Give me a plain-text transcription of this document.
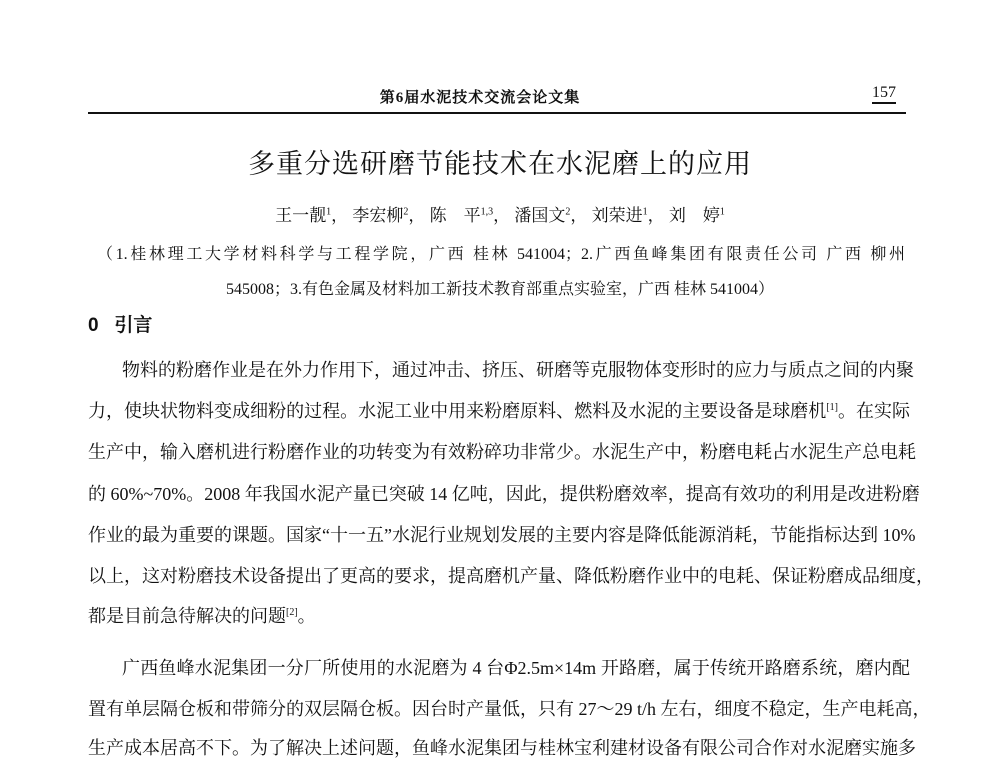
第6届水泥技术交流会论文集	157
多重分选研磨节能技术在水泥磨上的应用
王一靓$^1$， 李宏柳$^2$， 陈　平$^{1,3}$， 潘国文$^2$， 刘荣进$^1$， 刘　婷$^1$
（1.桂林理工大学材料科学与工程学院，广西 桂林 541004；2.广西鱼峰集团有限责任公司 广西 柳州
545008；3.有色金属及材料加工新技术教育部重点实验室，广西 桂林 541004）
0 引言
物料的粉磨作业是在外力作用下，通过冲击、挤压、研磨等克服物体变形时的应力与质点之间的内聚
力，使块状物料变成细粉的过程。水泥工业中用来粉磨原料、燃料及水泥的主要设备是球磨机[1]。在实际
生产中，输入磨机进行粉磨作业的功转变为有效粉碎功非常少。水泥生产中，粉磨电耗占水泥生产总电耗
的 60%~70%。2008 年我国水泥产量已突破 14 亿吨，因此，提供粉磨效率，提高有效功的利用是改进粉磨
作业的最为重要的课题。国家“十一五”水泥行业规划发展的主要内容是降低能源消耗，节能指标达到 10%
以上，这对粉磨技术设备提出了更高的要求，提高磨机产量、降低粉磨作业中的电耗、保证粉磨成品细度，
都是目前急待解决的问题[2]。
广西鱼峰水泥集团一分厂所使用的水泥磨为 4 台Φ2.5m×14m 开路磨，属于传统开路磨系统，磨内配
置有单层隔仓板和带筛分的双层隔仓板。因台时产量低，只有 27～29 t/h 左右，细度不稳定，生产电耗高，
生产成本居高不下。为了解决上述问题，鱼峰水泥集团与桂林宝利建材设备有限公司合作对水泥磨实施多
